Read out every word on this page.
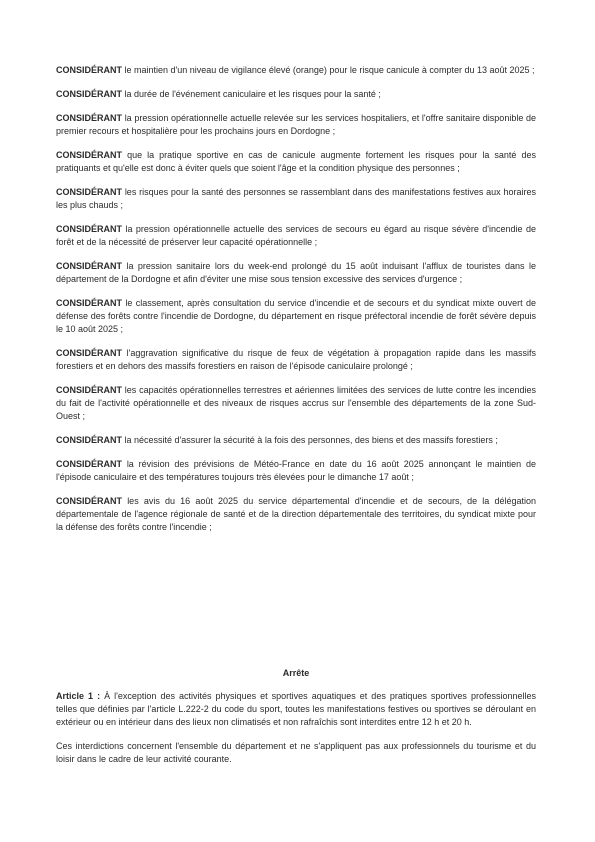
CONSIDÉRANT le maintien d'un niveau de vigilance élevé (orange) pour le risque canicule à compter du 13 août 2025 ;

CONSIDÉRANT la durée de l'événement caniculaire et les risques pour la santé ;

CONSIDÉRANT la pression opérationnelle actuelle relevée sur les services hospitaliers, et l'offre sanitaire disponible de premier recours et hospitalière pour les prochains jours en Dordogne ;

CONSIDÉRANT que la pratique sportive en cas de canicule augmente fortement les risques pour la santé des pratiquants et qu'elle est donc à éviter quels que soient l'âge et la condition physique des personnes ;

CONSIDÉRANT les risques pour la santé des personnes se rassemblant dans des manifestations festives aux horaires les plus chauds ;

CONSIDÉRANT la pression opérationnelle actuelle des services de secours eu égard au risque sévère d'incendie de forêt et de la nécessité de préserver leur capacité opérationnelle ;

CONSIDÉRANT la pression sanitaire lors du week-end prolongé du 15 août induisant l'afflux de touristes dans le département de la Dordogne et afin d'éviter une mise sous tension excessive des services d'urgence ;

CONSIDÉRANT le classement, après consultation du service d'incendie et de secours et du syndicat mixte ouvert de défense des forêts contre l'incendie de Dordogne, du département en risque préfectoral incendie de forêt sévère depuis le 10 août 2025 ;

CONSIDÉRANT l'aggravation significative du risque de feux de végétation à propagation rapide dans les massifs forestiers et en dehors des massifs forestiers en raison de l'épisode caniculaire prolongé ;

CONSIDÉRANT les capacités opérationnelles terrestres et aériennes limitées des services de lutte contre les incendies du fait de l'activité opérationnelle et des niveaux de risques accrus sur l'ensemble des départements de la zone Sud-Ouest ;

CONSIDÉRANT la nécessité d'assurer la sécurité à la fois des personnes, des biens et des massifs forestiers ;

CONSIDÉRANT la révision des prévisions de Météo-France en date du 16 août 2025 annonçant le maintien de l'épisode caniculaire et des températures toujours très élevées pour le dimanche 17 août ;

CONSIDÉRANT les avis du 16 août 2025 du service départemental d'incendie et de secours, de la délégation départementale de l'agence régionale de santé et de la direction départementale des territoires, du syndicat mixte pour la défense des forêts contre l'incendie ;

Arrête

Article 1 : À l'exception des activités physiques et sportives aquatiques et des pratiques sportives professionnelles telles que définies par l'article L.222-2 du code du sport, toutes les manifestations festives ou sportives se déroulant en extérieur ou en intérieur dans des lieux non climatisés et non rafraîchis sont interdites entre 12 h et 20 h.

Ces interdictions concernent l'ensemble du département et ne s'appliquent pas aux professionnels du tourisme et du loisir dans le cadre de leur activité courante.
